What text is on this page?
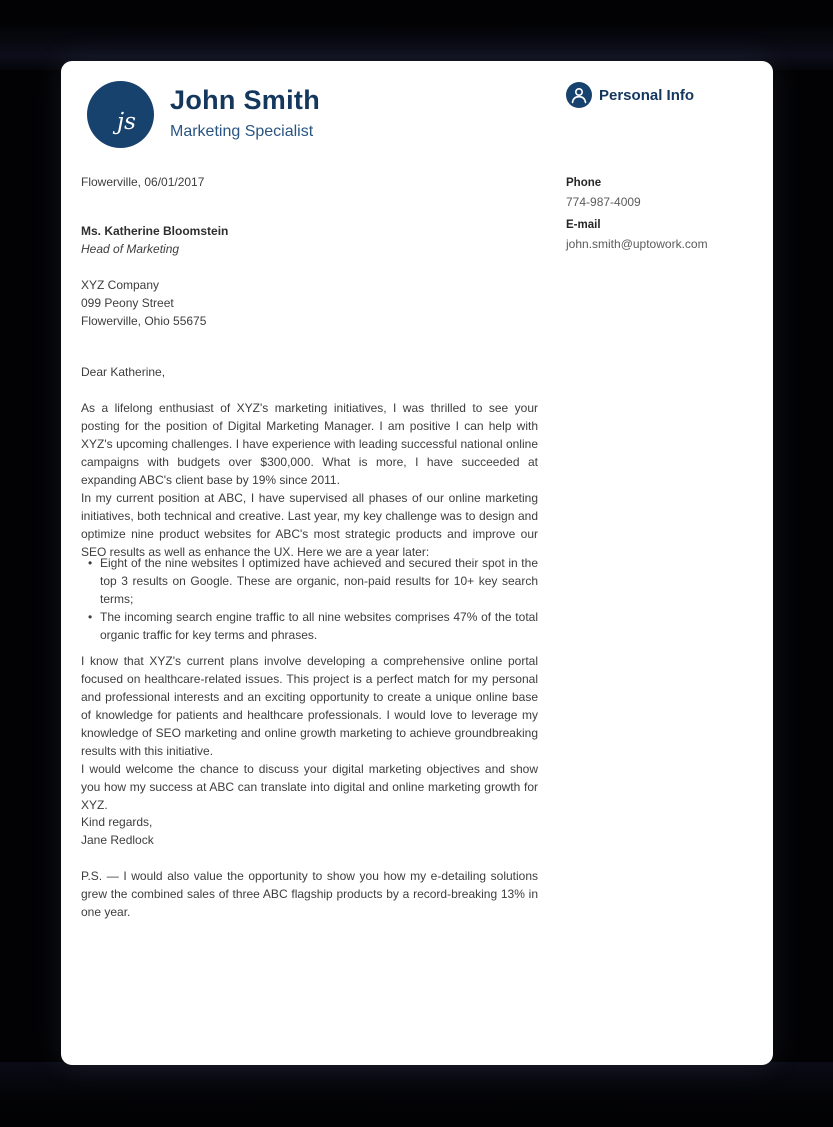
js
John Smith
Marketing Specialist
Personal Info
Phone
774-987-4009
E-mail
john.smith@uptowork.com
Flowerville, 06/01/2017
Ms. Katherine Bloomstein
Head of Marketing
XYZ Company
099 Peony Street
Flowerville, Ohio 55675
Dear Katherine,
As a lifelong enthusiast of XYZ's marketing initiatives, I was thrilled to see your posting for the position of Digital Marketing Manager. I am positive I can help with XYZ's upcoming challenges. I have experience with leading successful national online campaigns with budgets over $300,000. What is more, I have succeeded at expanding ABC's client base by 19% since 2011.
In my current position at ABC, I have supervised all phases of our online marketing initiatives, both technical and creative. Last year, my key challenge was to design and optimize nine product websites for ABC's most strategic products and improve our SEO results as well as enhance the UX. Here we are a year later:
• Eight of the nine websites I optimized have achieved and secured their spot in the top 3 results on Google. These are organic, non-paid results for 10+ key search terms;
• The incoming search engine traffic to all nine websites comprises 47% of the total organic traffic for key terms and phrases.
I know that XYZ's current plans involve developing a comprehensive online portal focused on healthcare-related issues. This project is a perfect match for my personal and professional interests and an exciting opportunity to create a unique online base of knowledge for patients and healthcare professionals. I would love to leverage my knowledge of SEO marketing and online growth marketing to achieve groundbreaking results with this initiative.
I would welcome the chance to discuss your digital marketing objectives and show you how my success at ABC can translate into digital and online marketing growth for XYZ.
Kind regards,
Jane Redlock
P.S. — I would also value the opportunity to show you how my e-detailing solutions grew the combined sales of three ABC flagship products by a record-breaking 13% in one year.
